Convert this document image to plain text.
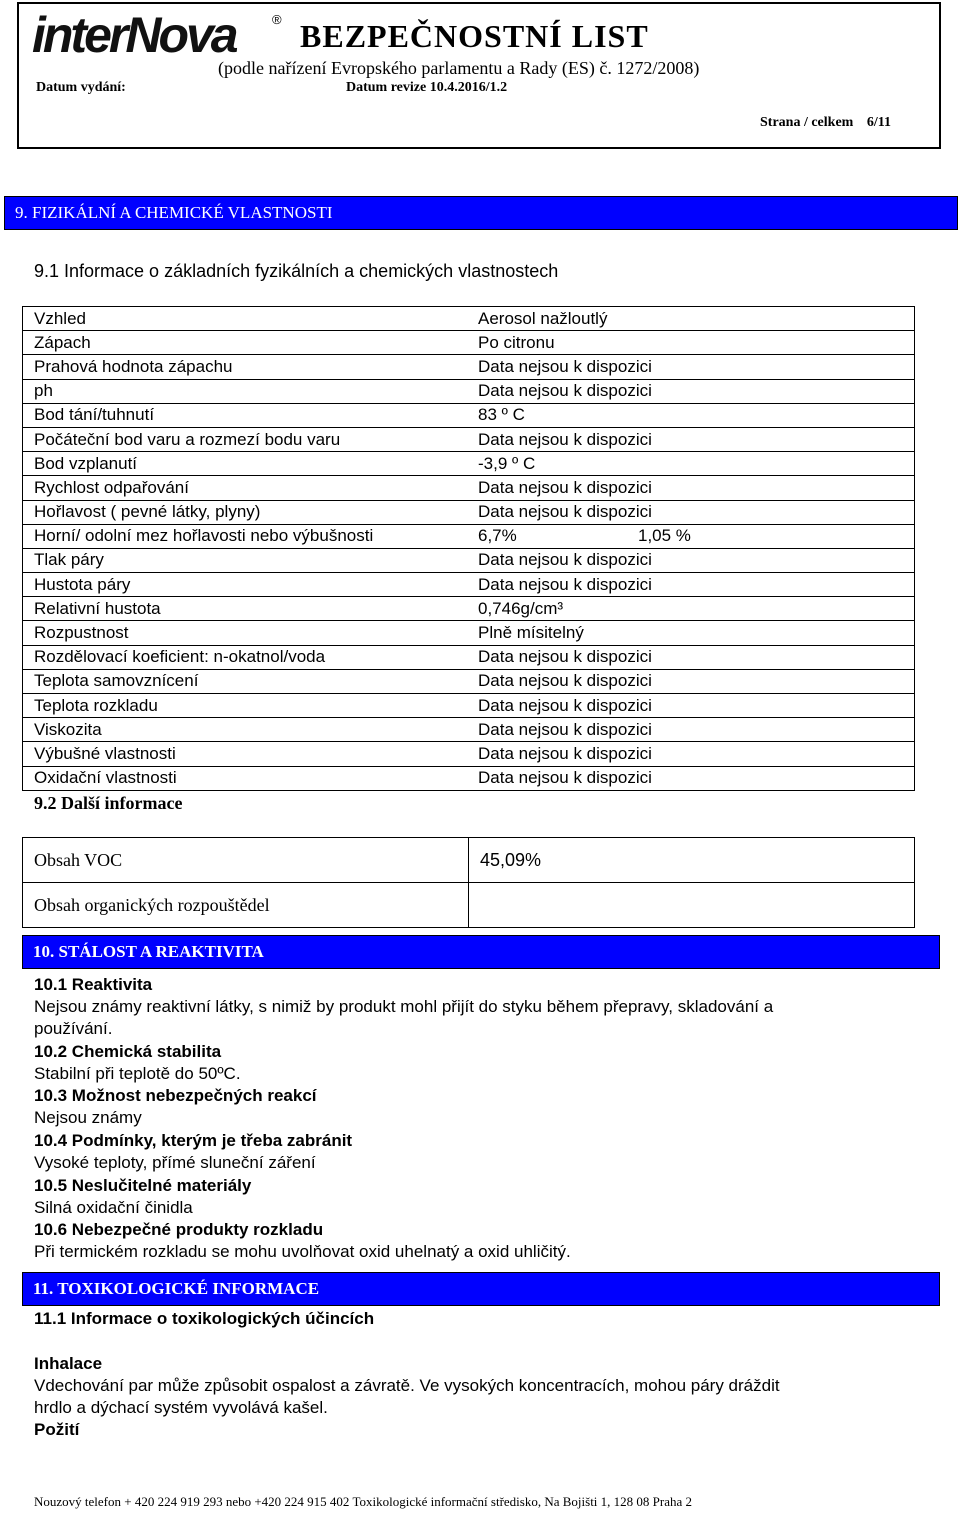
interNova	® BEZPEČNOSTNÍ LIST
(podle nařízení Evropského parlamentu a Rady (ES) č. 1272/2008)
Datum vydání:	Datum revize 10.4.2016/1.2
Strana / celkem 6/11
9. FIZIKÁLNÍ A CHEMICKÉ VLASTNOSTI
9.1 Informace o základních fyzikálních a chemických vlastnostech
Vzhled	Aerosol nažloutlý
Zápach	Po citronu
Prahová hodnota zápachu	Data nejsou k dispozici
ph	Data nejsou k dispozici
Bod tání/tuhnutí	83 º C
Počáteční bod varu a rozmezí bodu varu	Data nejsou k dispozici
Bod vzplanutí	-3,9 º C
Rychlost odpařování	Data nejsou k dispozici
Hořlavost ( pevné látky, plyny)	Data nejsou k dispozici
Horní/ odolní mez hořlavosti nebo výbušnosti	6,7% 1,05 %

Tlak páry	Data nejsou k dispozici
Hustota páry	Data nejsou k dispozici
Relativní hustota	0,746g/cm³
Rozpustnost	Plně mísitelný
Rozdělovací koeficient: n-okatnol/voda	Data nejsou k dispozici
Teplota samovznícení	Data nejsou k dispozici
Teplota rozkladu	Data nejsou k dispozici
Viskozita	Data nejsou k dispozici
Výbušné vlastnosti	Data nejsou k dispozici
Oxidační vlastnosti	Data nejsou k dispozici
9.2 Další informace
Obsah VOC	45,09%
Obsah organických rozpouštědel	
10. STÁLOST A REAKTIVITA
10.1 Reaktivita
Nejsou známy reaktivní látky, s nimiž by produkt mohl přijít do styku během přepravy, skladování a
používání.
10.2 Chemická stabilita
Stabilní při teplotě do 50ºC.
10.3 Možnost nebezpečných reakcí
Nejsou známy
10.4 Podmínky, kterým je třeba zabránit
Vysoké teploty, přímé sluneční záření
10.5 Neslučitelné materiály
Silná oxidační činidla
10.6 Nebezpečné produkty rozkladu
Při termickém rozkladu se mohu uvolňovat oxid uhelnatý a oxid uhličitý.
11. TOXIKOLOGICKÉ INFORMACE
11.1 Informace o toxikologických účincích
Inhalace
Vdechování par může způsobit ospalost a závratě. Ve vysokých koncentracích, mohou páry dráždit
hrdlo a dýchací systém vyvolává kašel.
Požití
Nouzový telefon + 420 224 919 293 nebo +420 224 915 402 Toxikologické informační středisko, Na Bojišti 1, 128 08 Praha 2
